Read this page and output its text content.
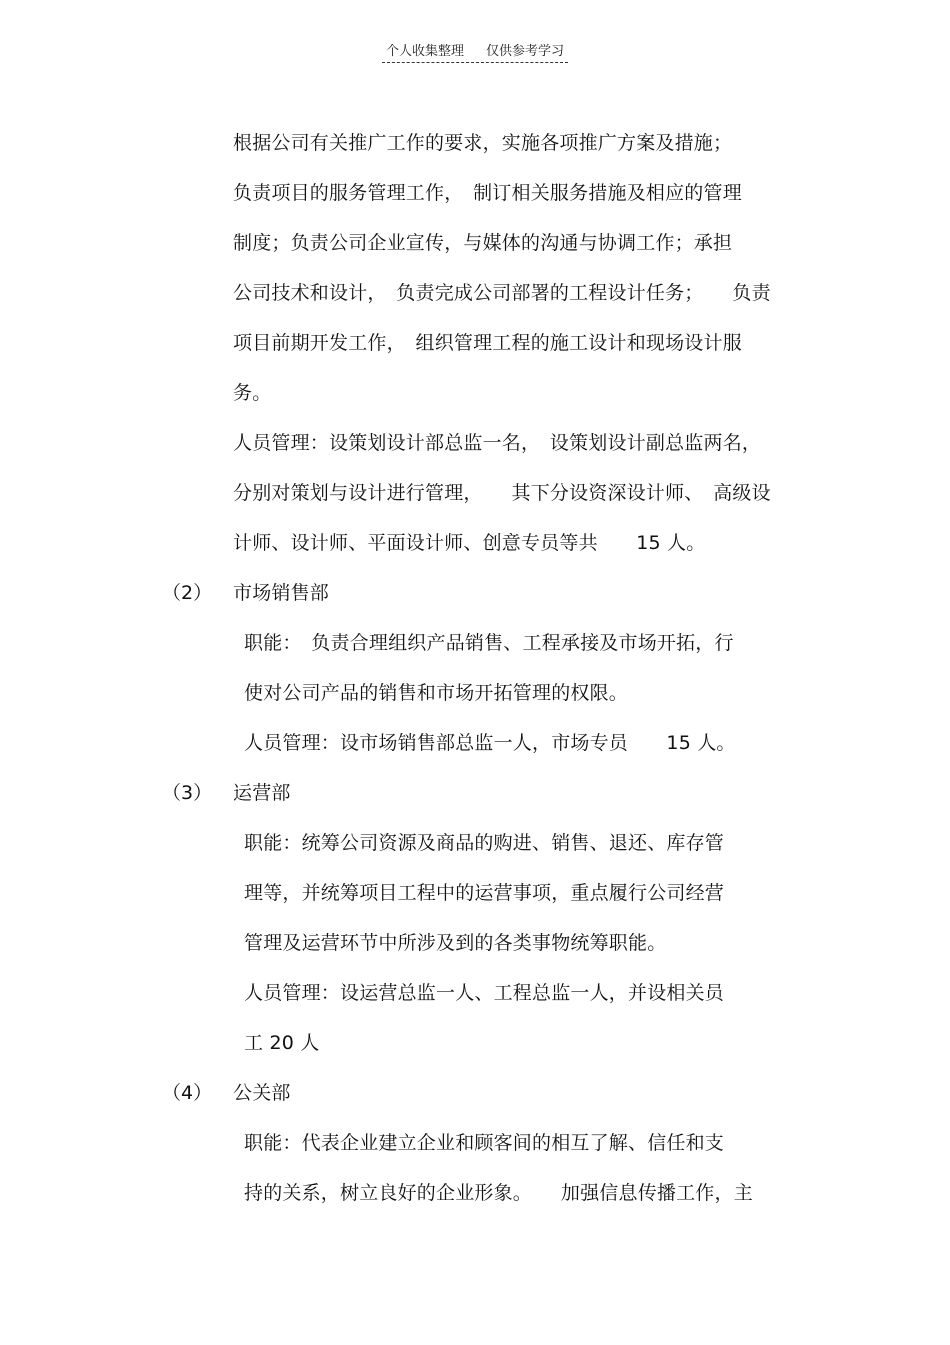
个人收集整理 仅供参考学习
根据公司有关推广工作的要求，实施各项推广方案及措施；
负责项目的服务管理工作，　制订相关服务措施及相应的管理
制度；负责公司企业宣传，与媒体的沟通与协调工作；承担
公司技术和设计，　负责完成公司部署的工程设计任务；　　负责
项目前期开发工作，　组织管理工程的施工设计和现场设计服
务。
人员管理：设策划设计部总监一名，　设策划设计副总监两名，
分别对策划与设计进行管理，　　其下分设资深设计师、　高级设
计师、设计师、平面设计师、创意专员等共　　15 人。
（2） 市场销售部
职能：　负责合理组织产品销售、工程承接及市场开拓，行
使对公司产品的销售和市场开拓管理的权限。
人员管理：设市场销售部总监一人，市场专员　　15 人。
（3） 运营部
职能：统筹公司资源及商品的购进、销售、退还、库存管
理等，并统筹项目工程中的运营事项，重点履行公司经营
管理及运营环节中所涉及到的各类事物统筹职能。
人员管理：设运营总监一人、工程总监一人，并设相关员
工 20 人
（4） 公关部
职能：代表企业建立企业和顾客间的相互了解、信任和支
持的关系，树立良好的企业形象。　　加强信息传播工作，主
